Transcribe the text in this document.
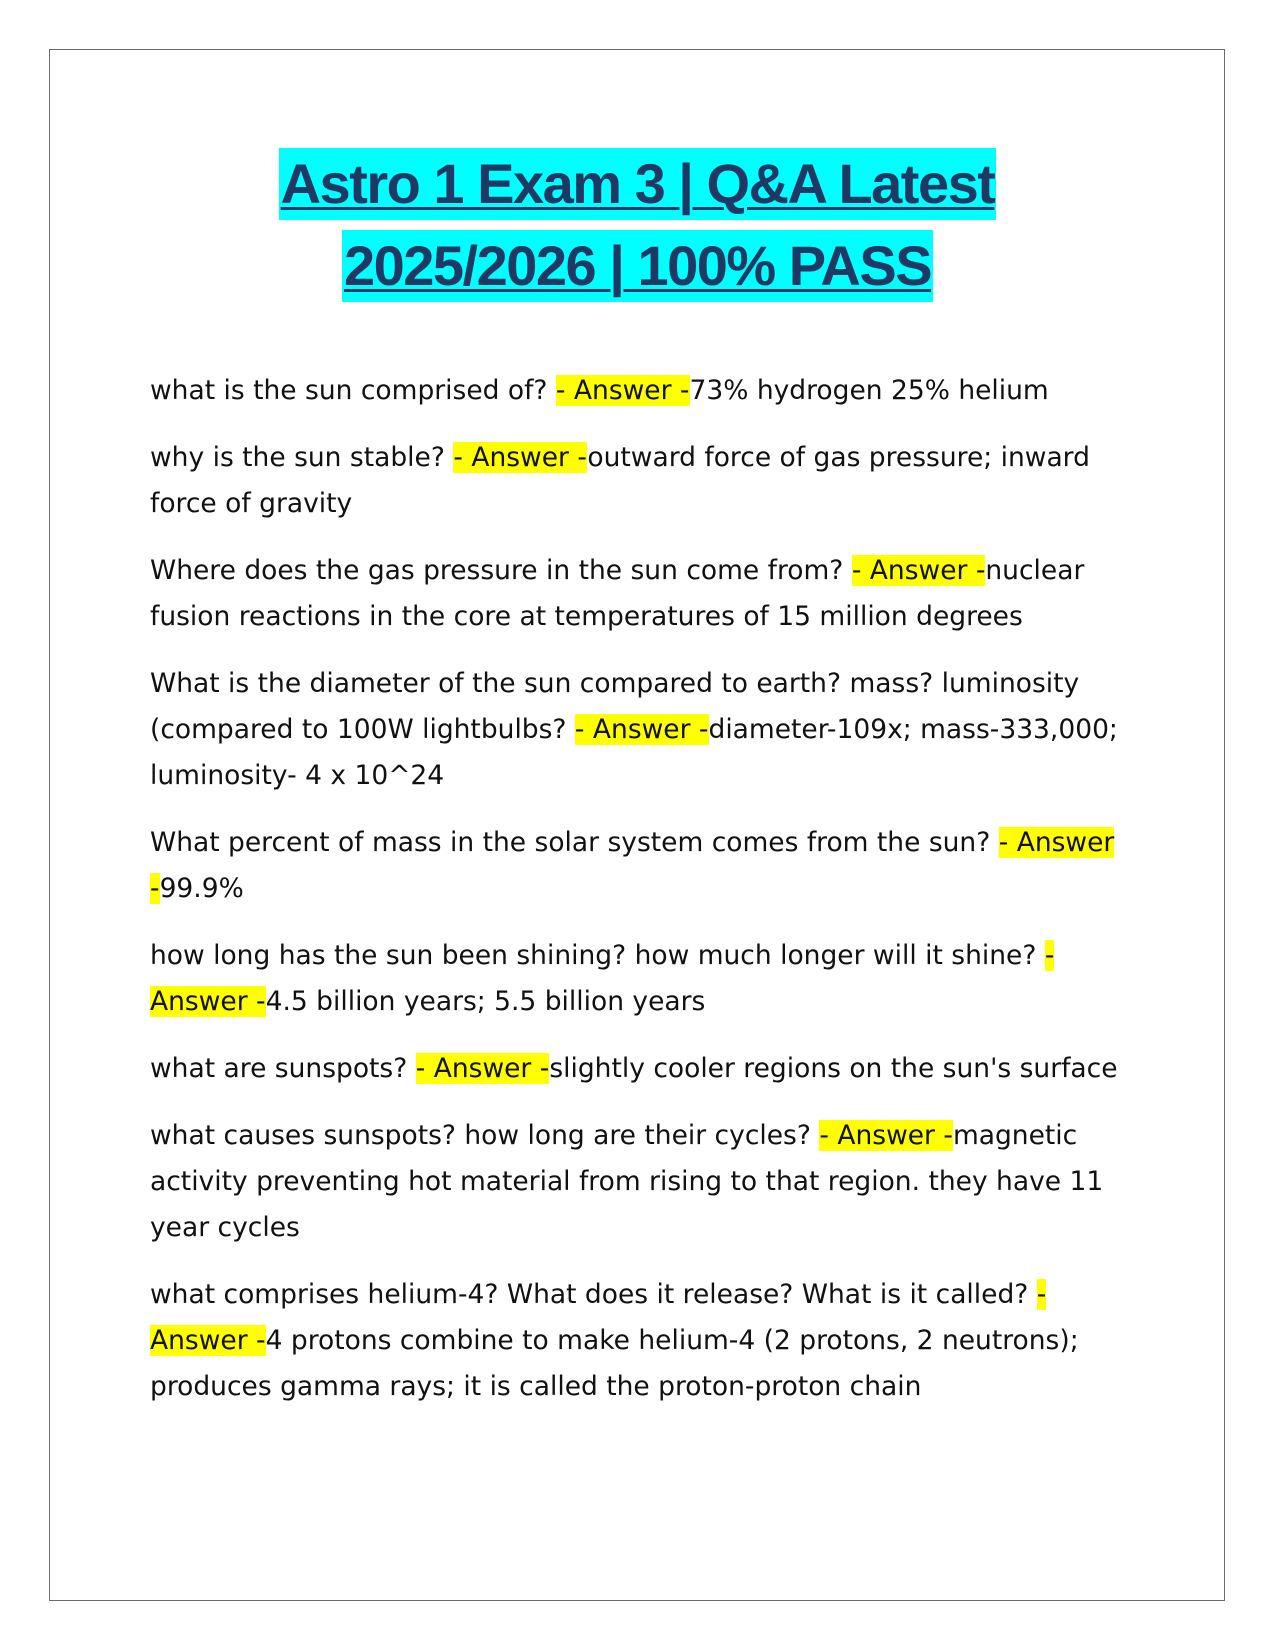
Astro 1 Exam 3 | Q&A Latest
2025/2026 | 100% PASS
what is the sun comprised of? - Answer -73% hydrogen 25% helium
why is the sun stable? - Answer -outward force of gas pressure; inward force of gravity
Where does the gas pressure in the sun come from? - Answer -nuclear fusion reactions in the core at temperatures of 15 million degrees
What is the diameter of the sun compared to earth? mass? luminosity (compared to 100W lightbulbs? - Answer -diameter-109x; mass-333,000; luminosity- 4 x 10^24
What percent of mass in the solar system comes from the sun? - Answer -99.9%
how long has the sun been shining? how much longer will it shine? - Answer -4.5 billion years; 5.5 billion years
what are sunspots? - Answer -slightly cooler regions on the sun's surface
what causes sunspots? how long are their cycles? - Answer -magnetic activity preventing hot material from rising to that region. they have 11 year cycles
what comprises helium-4? What does it release? What is it called? - Answer -4 protons combine to make helium-4 (2 protons, 2 neutrons); produces gamma rays; it is called the proton-proton chain
